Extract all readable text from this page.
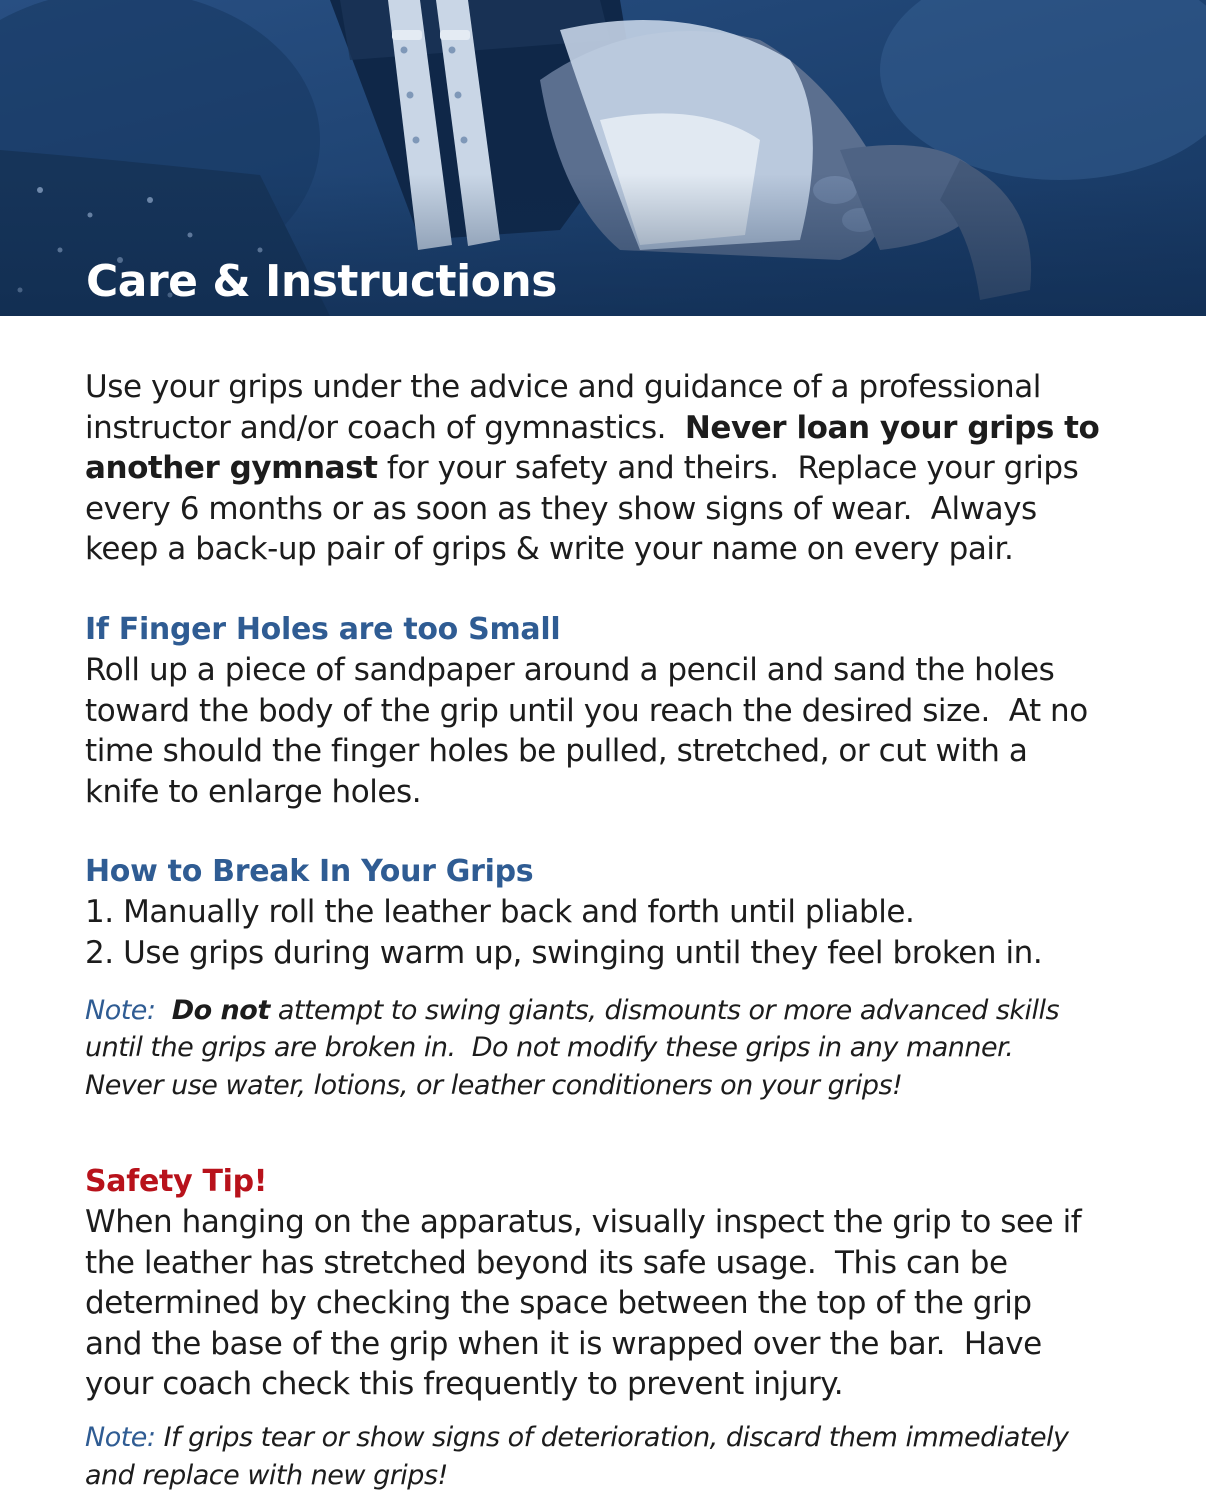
Care & Instructions

Use your grips under the advice and guidance of a professional
instructor and/or coach of gymnastics.  Never loan your grips to
another gymnast for your safety and theirs.  Replace your grips
every 6 months or as soon as they show signs of wear.  Always
keep a back-up pair of grips & write your name on every pair.

If Finger Holes are too Small

Roll up a piece of sandpaper around a pencil and sand the holes
toward the body of the grip until you reach the desired size.  At no
time should the finger holes be pulled, stretched, or cut with a
knife to enlarge holes.

How to Break In Your Grips

1. Manually roll the leather back and forth until pliable.
2. Use grips during warm up, swinging until they feel broken in.

Note:  Do not attempt to swing giants, dismounts or more advanced skills
until the grips are broken in.  Do not modify these grips in any manner.
Never use water, lotions, or leather conditioners on your grips!

Safety Tip!

When hanging on the apparatus, visually inspect the grip to see if
the leather has stretched beyond its safe usage.  This can be
determined by checking the space between the top of the grip
and the base of the grip when it is wrapped over the bar.  Have
your coach check this frequently to prevent injury.

Note: If grips tear or show signs of deterioration, discard them immediately
and replace with new grips!
